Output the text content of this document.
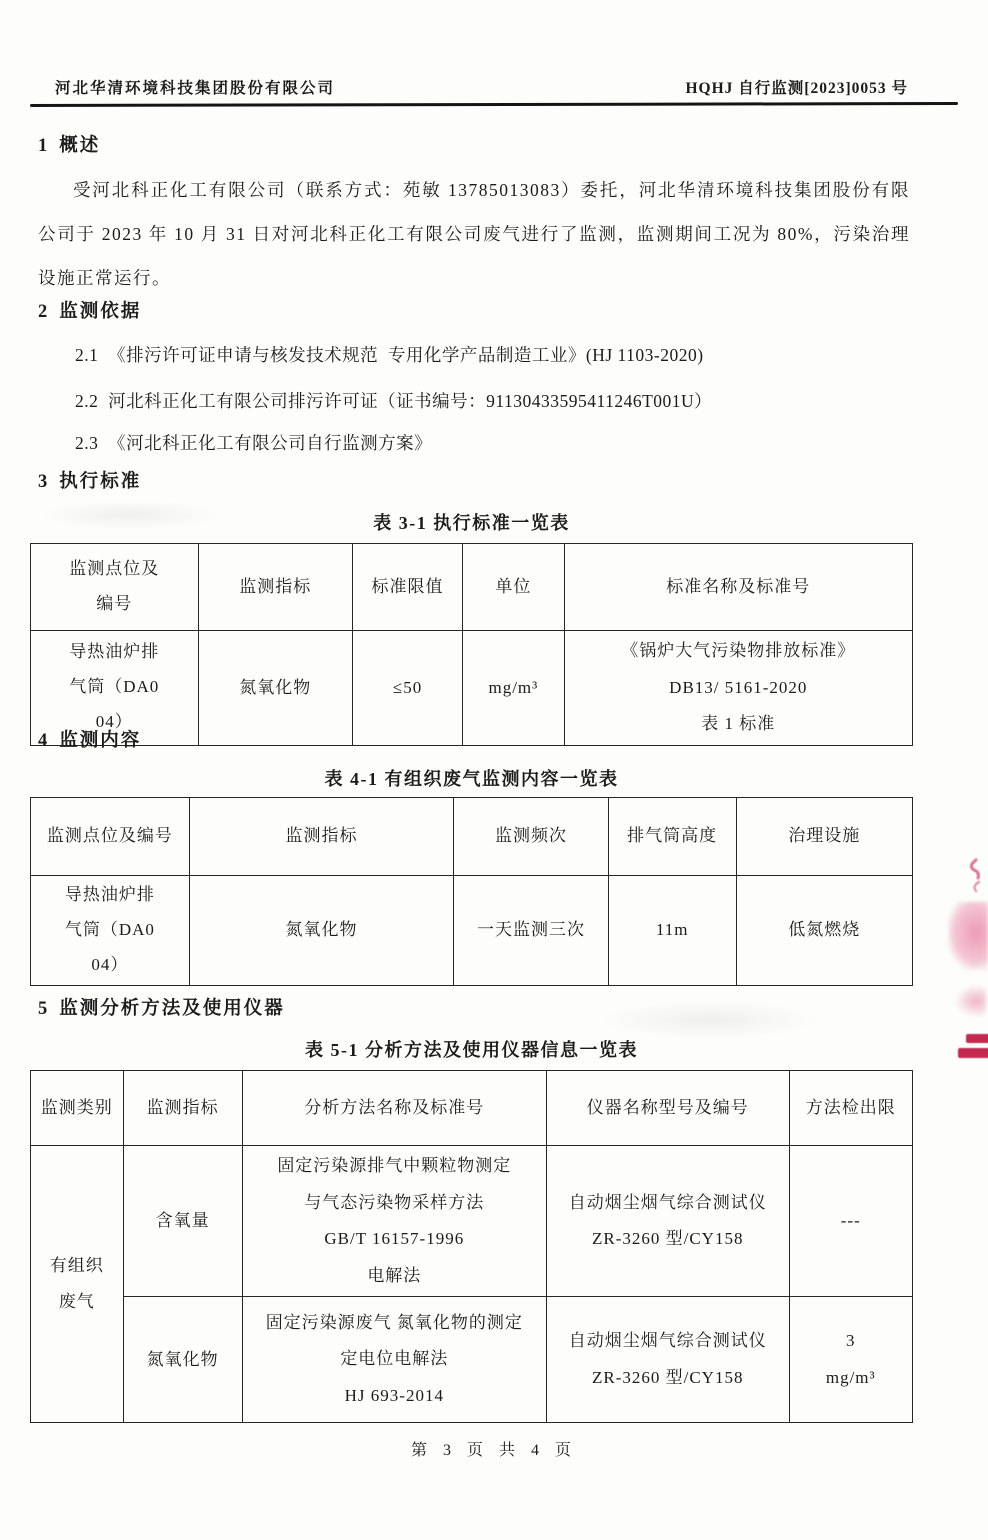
河北华清环境科技集团股份有限公司	HQHJ 自行监测[2023]0053 号
1 概述
受河北科正化工有限公司（联系方式：苑敏 13785013083）委托，河北华清环境科技集团股份有限公司于 2023 年 10 月 31 日对河北科正化工有限公司废气进行了监测，监测期间工况为 80%，污染治理设施正常运行。
2 监测依据
2.1  《排污许可证申请与核发技术规范  专用化学产品制造工业》(HJ 1103-2020)
2.2  河北科正化工有限公司排污许可证（证书编号：91130433595411246T001U）
2.3  《河北科正化工有限公司自行监测方案》
3 执行标准
表 3-1 执行标准一览表
监测点位及编号	监测指标	标准限值	单位	标准名称及标准号
导热油炉排气筒（DA004）	氮氧化物	≤50	mg/m³	《锅炉大气污染物排放标准》
DB13/ 5161-2020
表 1 标准
4 监测内容
表 4-1 有组织废气监测内容一览表
监测点位及编号	监测指标	监测频次	排气筒高度	治理设施
导热油炉排气筒（DA004）	氮氧化物	一天监测三次	11m	低氮燃烧
5 监测分析方法及使用仪器
表 5-1 分析方法及使用仪器信息一览表
监测类别	监测指标	分析方法名称及标准号	仪器名称型号及编号	方法检出限
有组织废气	含氧量	固定污染源排气中颗粒物测定
与气态污染物采样方法
GB/T 16157-1996
电解法	自动烟尘烟气综合测试仪
ZR-3260 型/CY158	---
	氮氧化物	固定污染源废气 氮氧化物的测定
定电位电解法
HJ 693-2014	自动烟尘烟气综合测试仪
ZR-3260 型/CY158	3
mg/m³
第 3 页 共 4 页
